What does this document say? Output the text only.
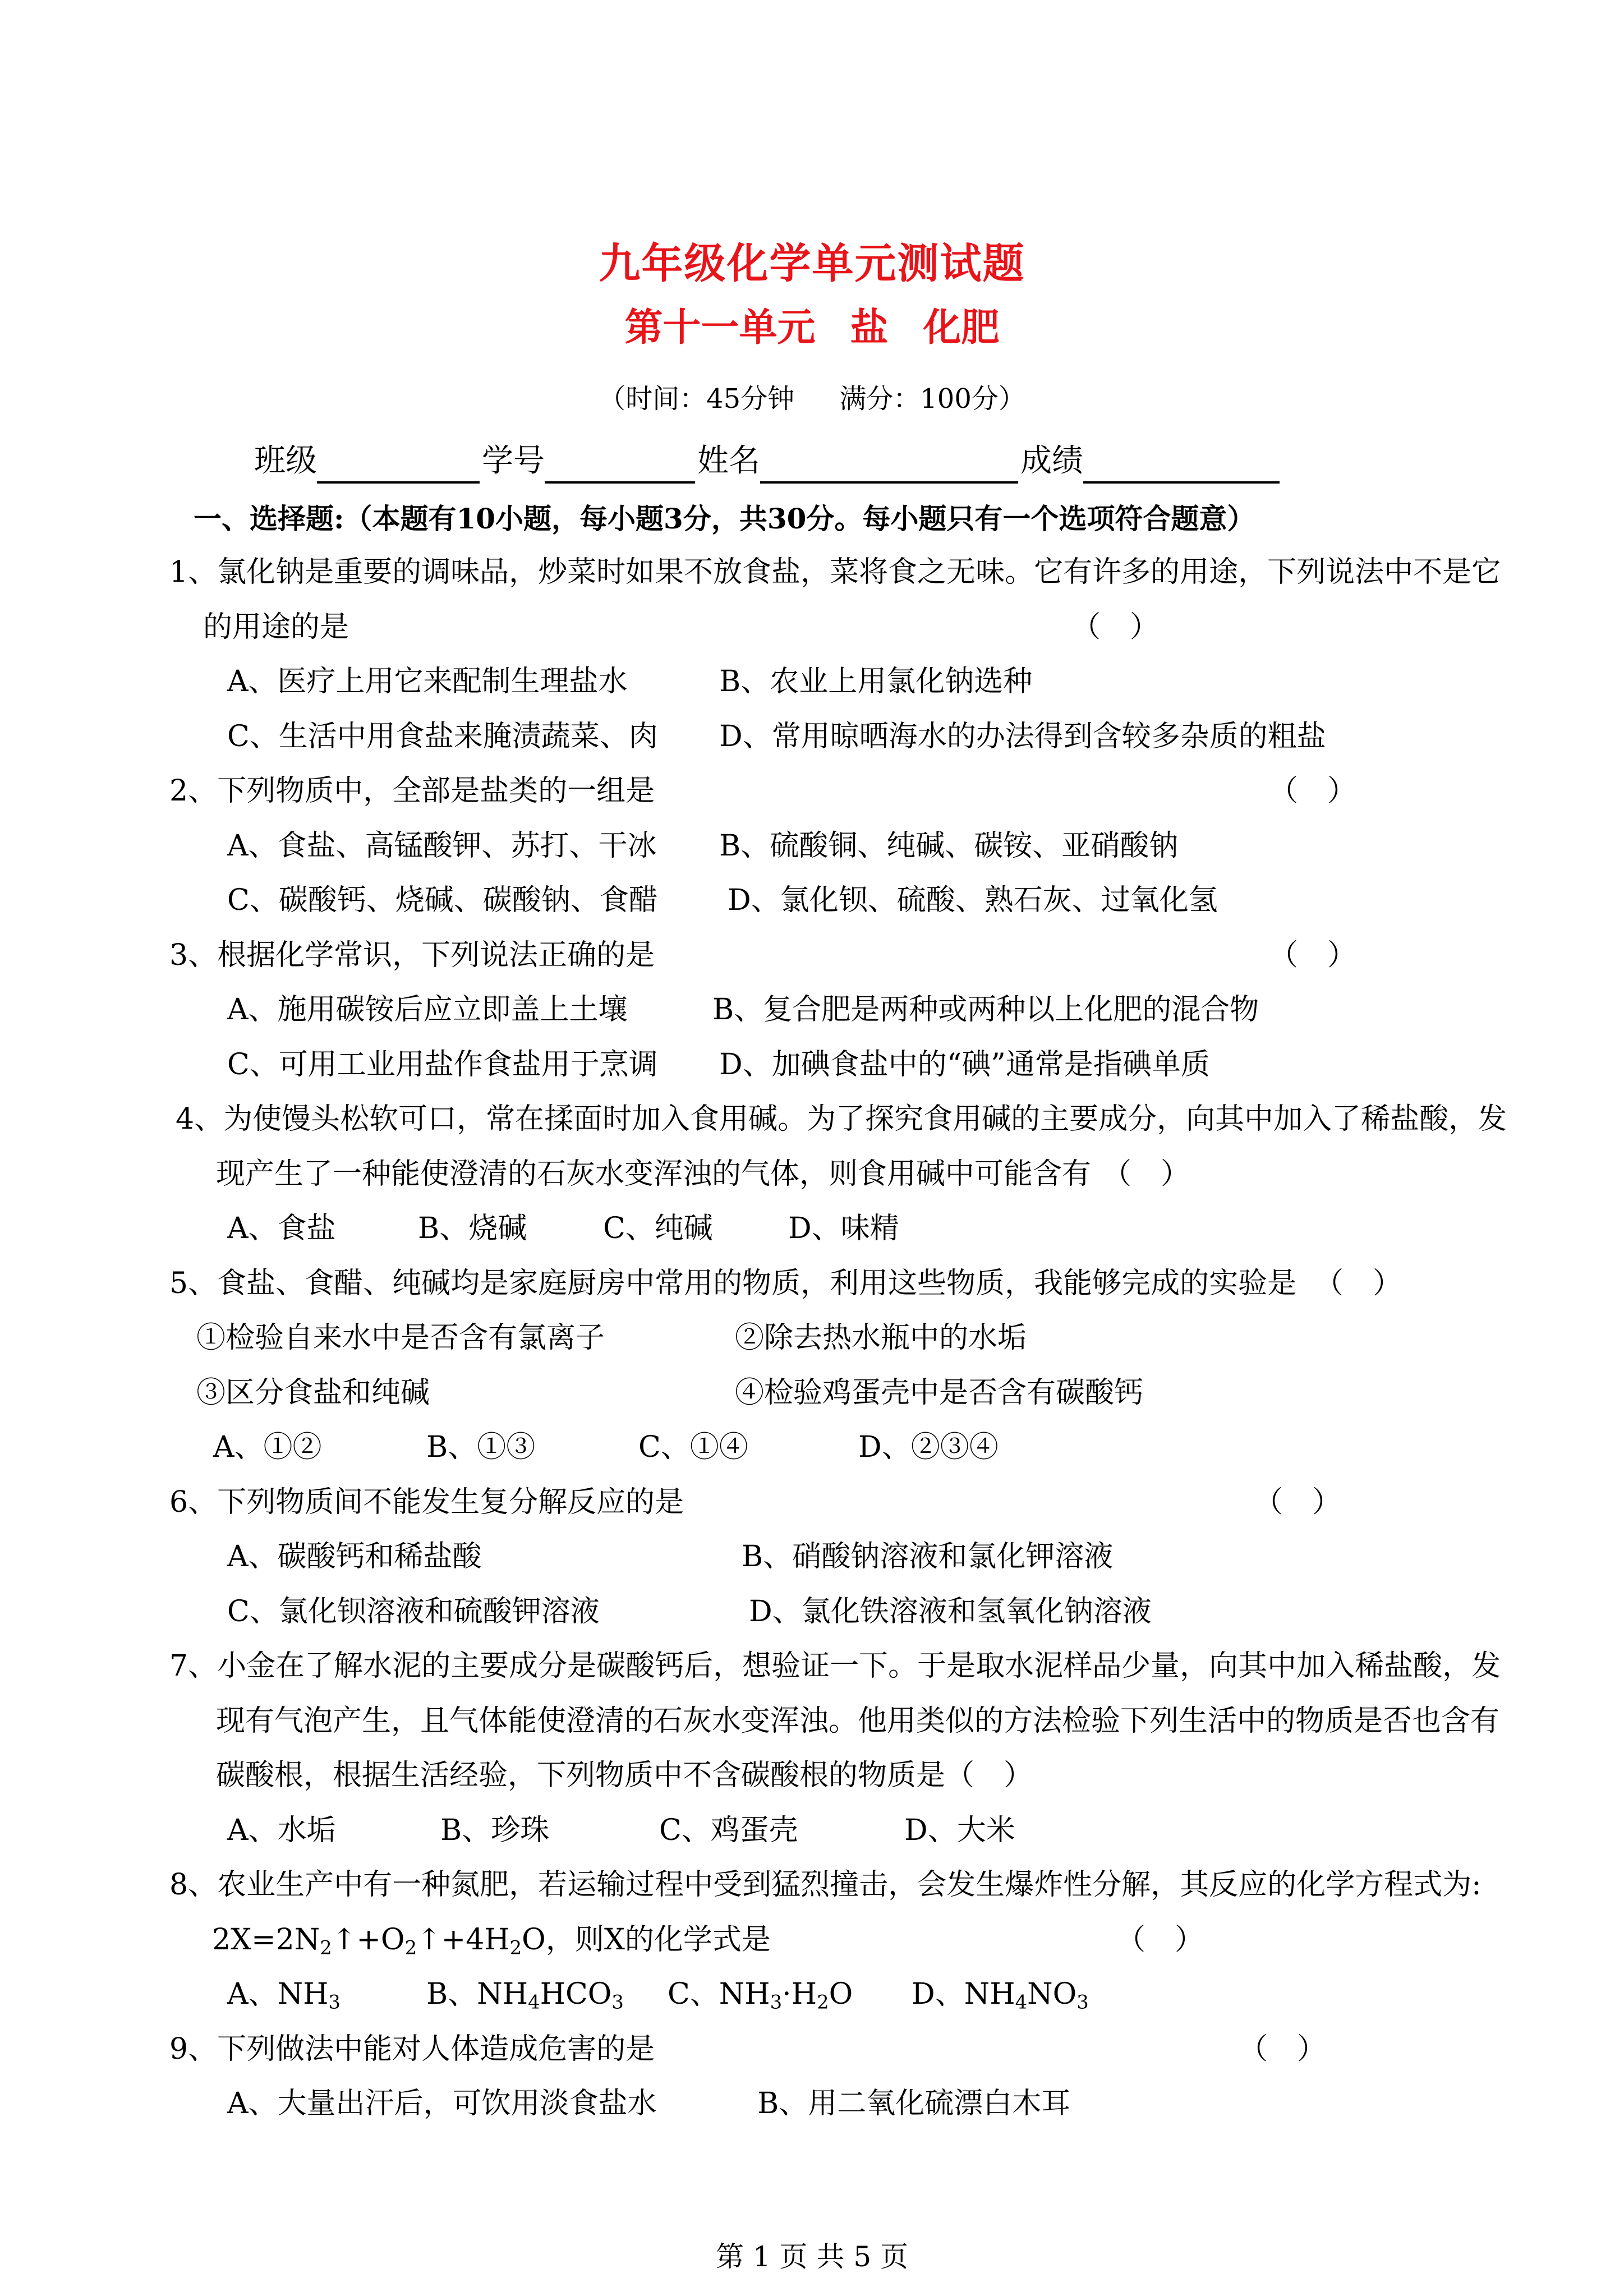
九年级化学单元测试题
第十一单元 盐 化肥
（时间：45分钟 满分：100分）
班级	学号	姓名	成绩
一、选择题:（本题有10小题，每小题3分，共30分。每小题只有一个选项符合题意）
1、氯化钠是重要的调味品，炒菜时如果不放食盐，菜将食之无味。它有许多的用途，下列说法中不是它
的用途的是	（　）
A、医疗上用它来配制生理盐水	B、农业上用氯化钠选种
C、生活中用食盐来腌渍蔬菜、肉 D、常用晾晒海水的办法得到含较多杂质的粗盐
2、下列物质中，全部是盐类的一组是	（　）
A、食盐、高锰酸钾、苏打、干冰 B、硫酸铜、纯碱、碳铵、亚硝酸钠
C、碳酸钙、烧碱、碳酸钠、食醋 D、氯化钡、硫酸、熟石灰、过氧化氢
3、根据化学常识，下列说法正确的是	（　）
A、施用碳铵后应立即盖上土壤	B、复合肥是两种或两种以上化肥的混合物
C、可用工业用盐作食盐用于烹调 D、加碘食盐中的“碘”通常是指碘单质
4、为使馒头松软可口，常在揉面时加入食用碱。为了探究食用碱的主要成分，向其中加入了稀盐酸，发
现产生了一种能使澄清的石灰水变浑浊的气体，则食用碱中可能含有 （　）
A、食盐	B、烧碱	C、纯碱	D、味精
5、食盐、食醋、纯碱均是家庭厨房中常用的物质，利用这些物质，我能够完成的实验是 （　）
①检验自来水中是否含有氯离子	②除去热水瓶中的水垢
③区分食盐和纯碱	④检验鸡蛋壳中是否含有碳酸钙
A、①②	B、①③	C、①④	D、②③④
6、下列物质间不能发生复分解反应的是	（　）
A、碳酸钙和稀盐酸	B、硝酸钠溶液和氯化钾溶液
C、氯化钡溶液和硫酸钾溶液	D、氯化铁溶液和氢氧化钠溶液
7、小金在了解水泥的主要成分是碳酸钙后，想验证一下。于是取水泥样品少量，向其中加入稀盐酸，发
现有气泡产生，且气体能使澄清的石灰水变浑浊。他用类似的方法检验下列生活中的物质是否也含有
碳酸根，根据生活经验，下列物质中不含碳酸根的物质是（　）
A、水垢	B、珍珠	C、鸡蛋壳	D、大米
8、农业生产中有一种氮肥，若运输过程中受到猛烈撞击，会发生爆炸性分解，其反应的化学方程式为:
$2X=2N_2↑+O_2↑+4H_2O$，则X的化学式是	（　）
A、$NH_3$	B、$NH_4HCO_3$ C、$NH_3\cdot H_2O$ D、$NH_4NO_3$
9、下列做法中能对人体造成危害的是	（　）
A、大量出汗后，可饮用淡食盐水	B、用二氧化硫漂白木耳
第 1 页 共 5 页
